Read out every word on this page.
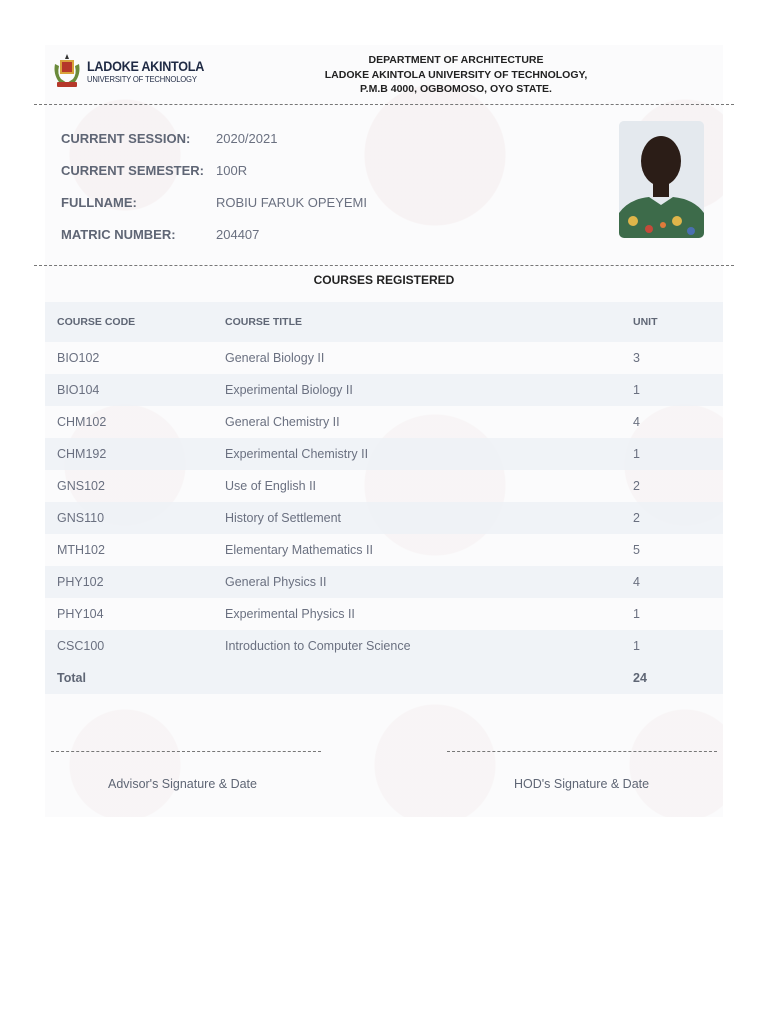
LADOKE AKINTOLA
UNIVERSITY OF TECHNOLOGY
DEPARTMENT OF ARCHITECTURE
LADOKE AKINTOLA UNIVERSITY OF TECHNOLOGY,
P.M.B 4000, OGBOMOSO, OYO STATE.
CURRENT SESSION:	2020/2021
CURRENT SEMESTER: 100R
FULLNAME:	ROBIU FARUK OPEYEMI
MATRIC NUMBER:	204407
COURSES REGISTERED
COURSE CODE	COURSE TITLE	UNIT
BIO102	General Biology II	3
BIO104	Experimental Biology II	1
CHM102	General Chemistry II	4
CHM192	Experimental Chemistry II	1
GNS102	Use of English II	2
GNS110	History of Settlement	2
MTH102	Elementary Mathematics II	5
PHY102	General Physics II	4
PHY104	Experimental Physics II	1
CSC100	Introduction to Computer Science	1
Total		24
Advisor's Signature & Date	HOD's Signature & Date
